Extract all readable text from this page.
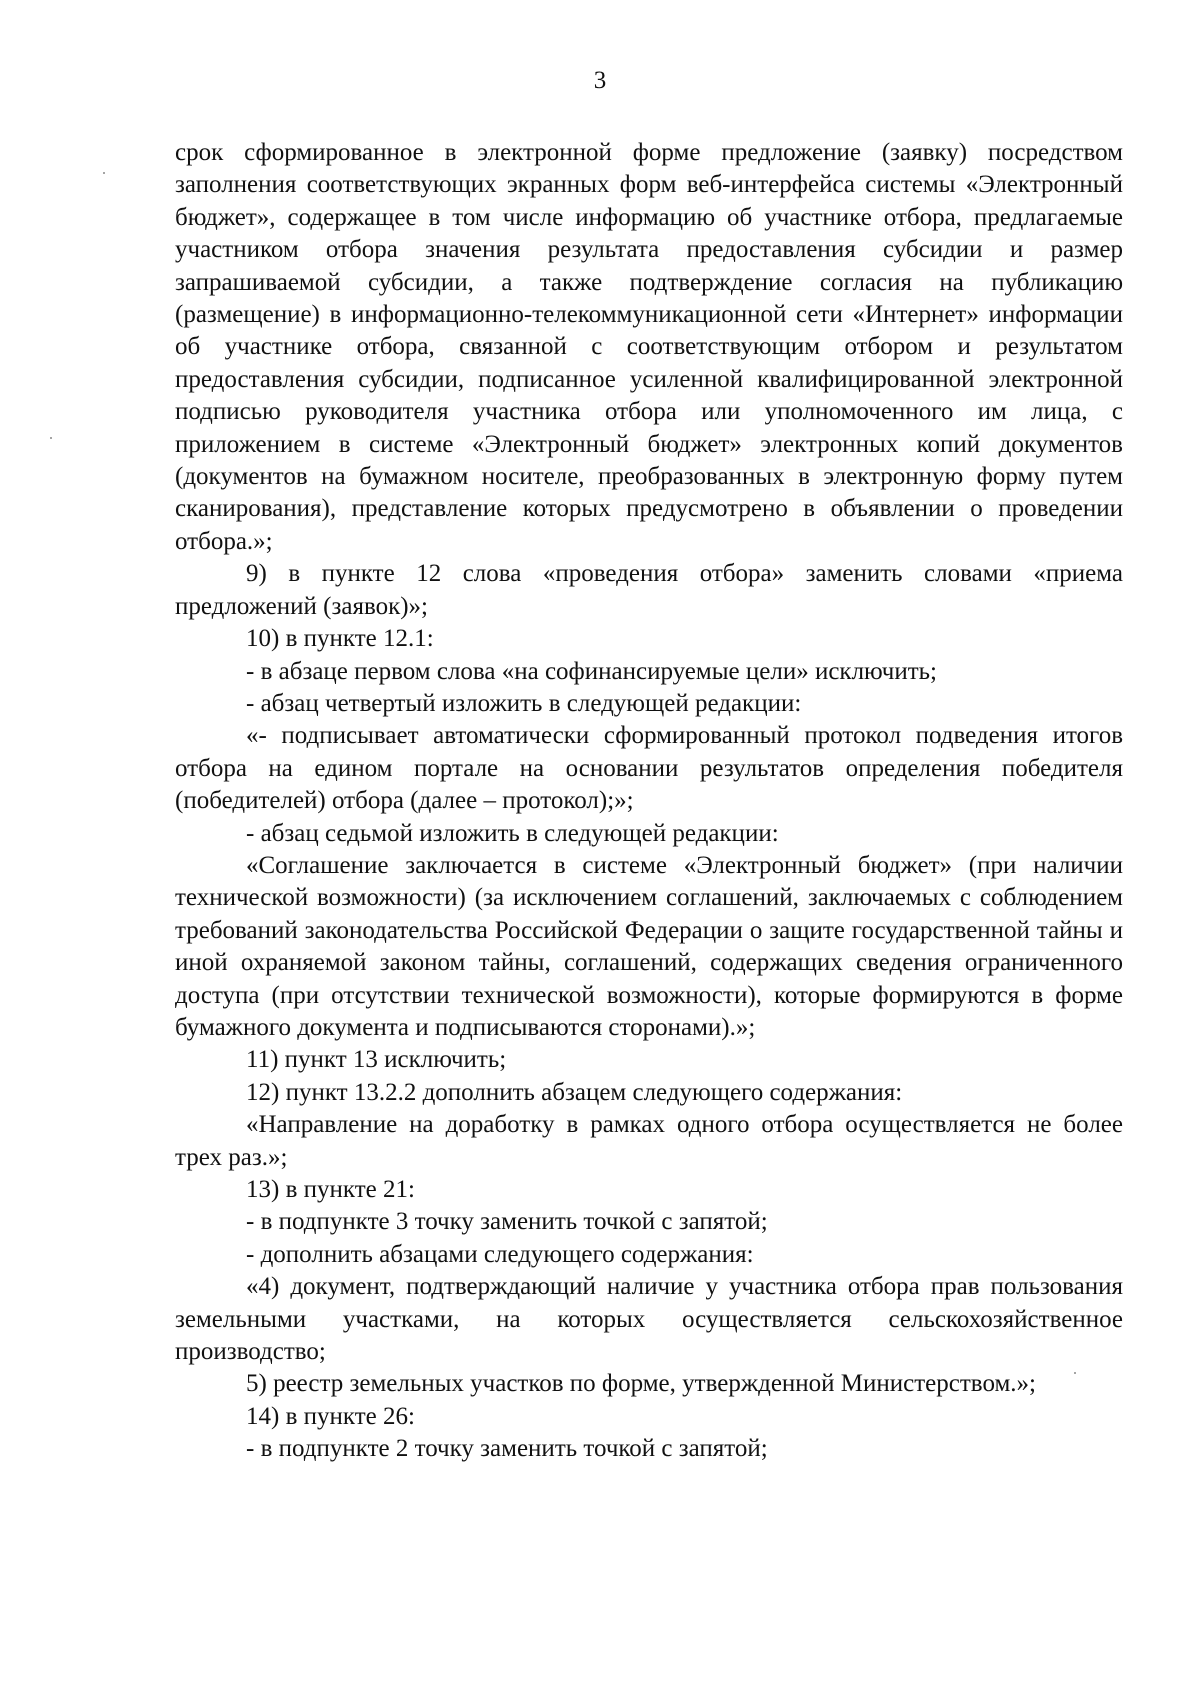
3

срок сформированное в электронной форме предложение (заявку) посредством заполнения соответствующих экранных форм веб-интерфейса системы «Электронный бюджет», содержащее в том числе информацию об участнике отбора, предлагаемые участником отбора значения результата предоставления субсидии и размер запрашиваемой субсидии, а также подтверждение согласия на публикацию (размещение) в информационно-телекоммуникационной сети «Интернет» информации об участнике отбора, связанной с соответствующим отбором и результатом предоставления субсидии, подписанное усиленной квалифицированной электронной подписью руководителя участника отбора или уполномоченного им лица, с приложением в системе «Электронный бюджет» электронных копий документов (документов на бумажном носителе, преобразованных в электронную форму путем сканирования), представление которых предусмотрено в объявлении о проведении отбора.»;

9) в пункте 12 слова «проведения отбора» заменить словами «приема предложений (заявок)»;

10) в пункте 12.1:

- в абзаце первом слова «на софинансируемые цели» исключить;

- абзац четвертый изложить в следующей редакции:

«- подписывает автоматически сформированный протокол подведения итогов отбора на едином портале на основании результатов определения победителя (победителей) отбора (далее – протокол);»;

- абзац седьмой изложить в следующей редакции:

«Соглашение заключается в системе «Электронный бюджет» (при наличии технической возможности) (за исключением соглашений, заключаемых с соблюдением требований законодательства Российской Федерации о защите государственной тайны и иной охраняемой законом тайны, соглашений, содержащих сведения ограниченного доступа (при отсутствии технической возможности), которые формируются в форме бумажного документа и подписываются сторонами).»;

11) пункт 13 исключить;

12) пункт 13.2.2 дополнить абзацем следующего содержания:

«Направление на доработку в рамках одного отбора осуществляется не более трех раз.»;

13) в пункте 21:

- в подпункте 3 точку заменить точкой с запятой;

- дополнить абзацами следующего содержания:

«4) документ, подтверждающий наличие у участника отбора прав пользования земельными участками, на которых осуществляется сельскохозяйственное производство;

5) реестр земельных участков по форме, утвержденной Министерством.»;

14) в пункте 26:

- в подпункте 2 точку заменить точкой с запятой;
